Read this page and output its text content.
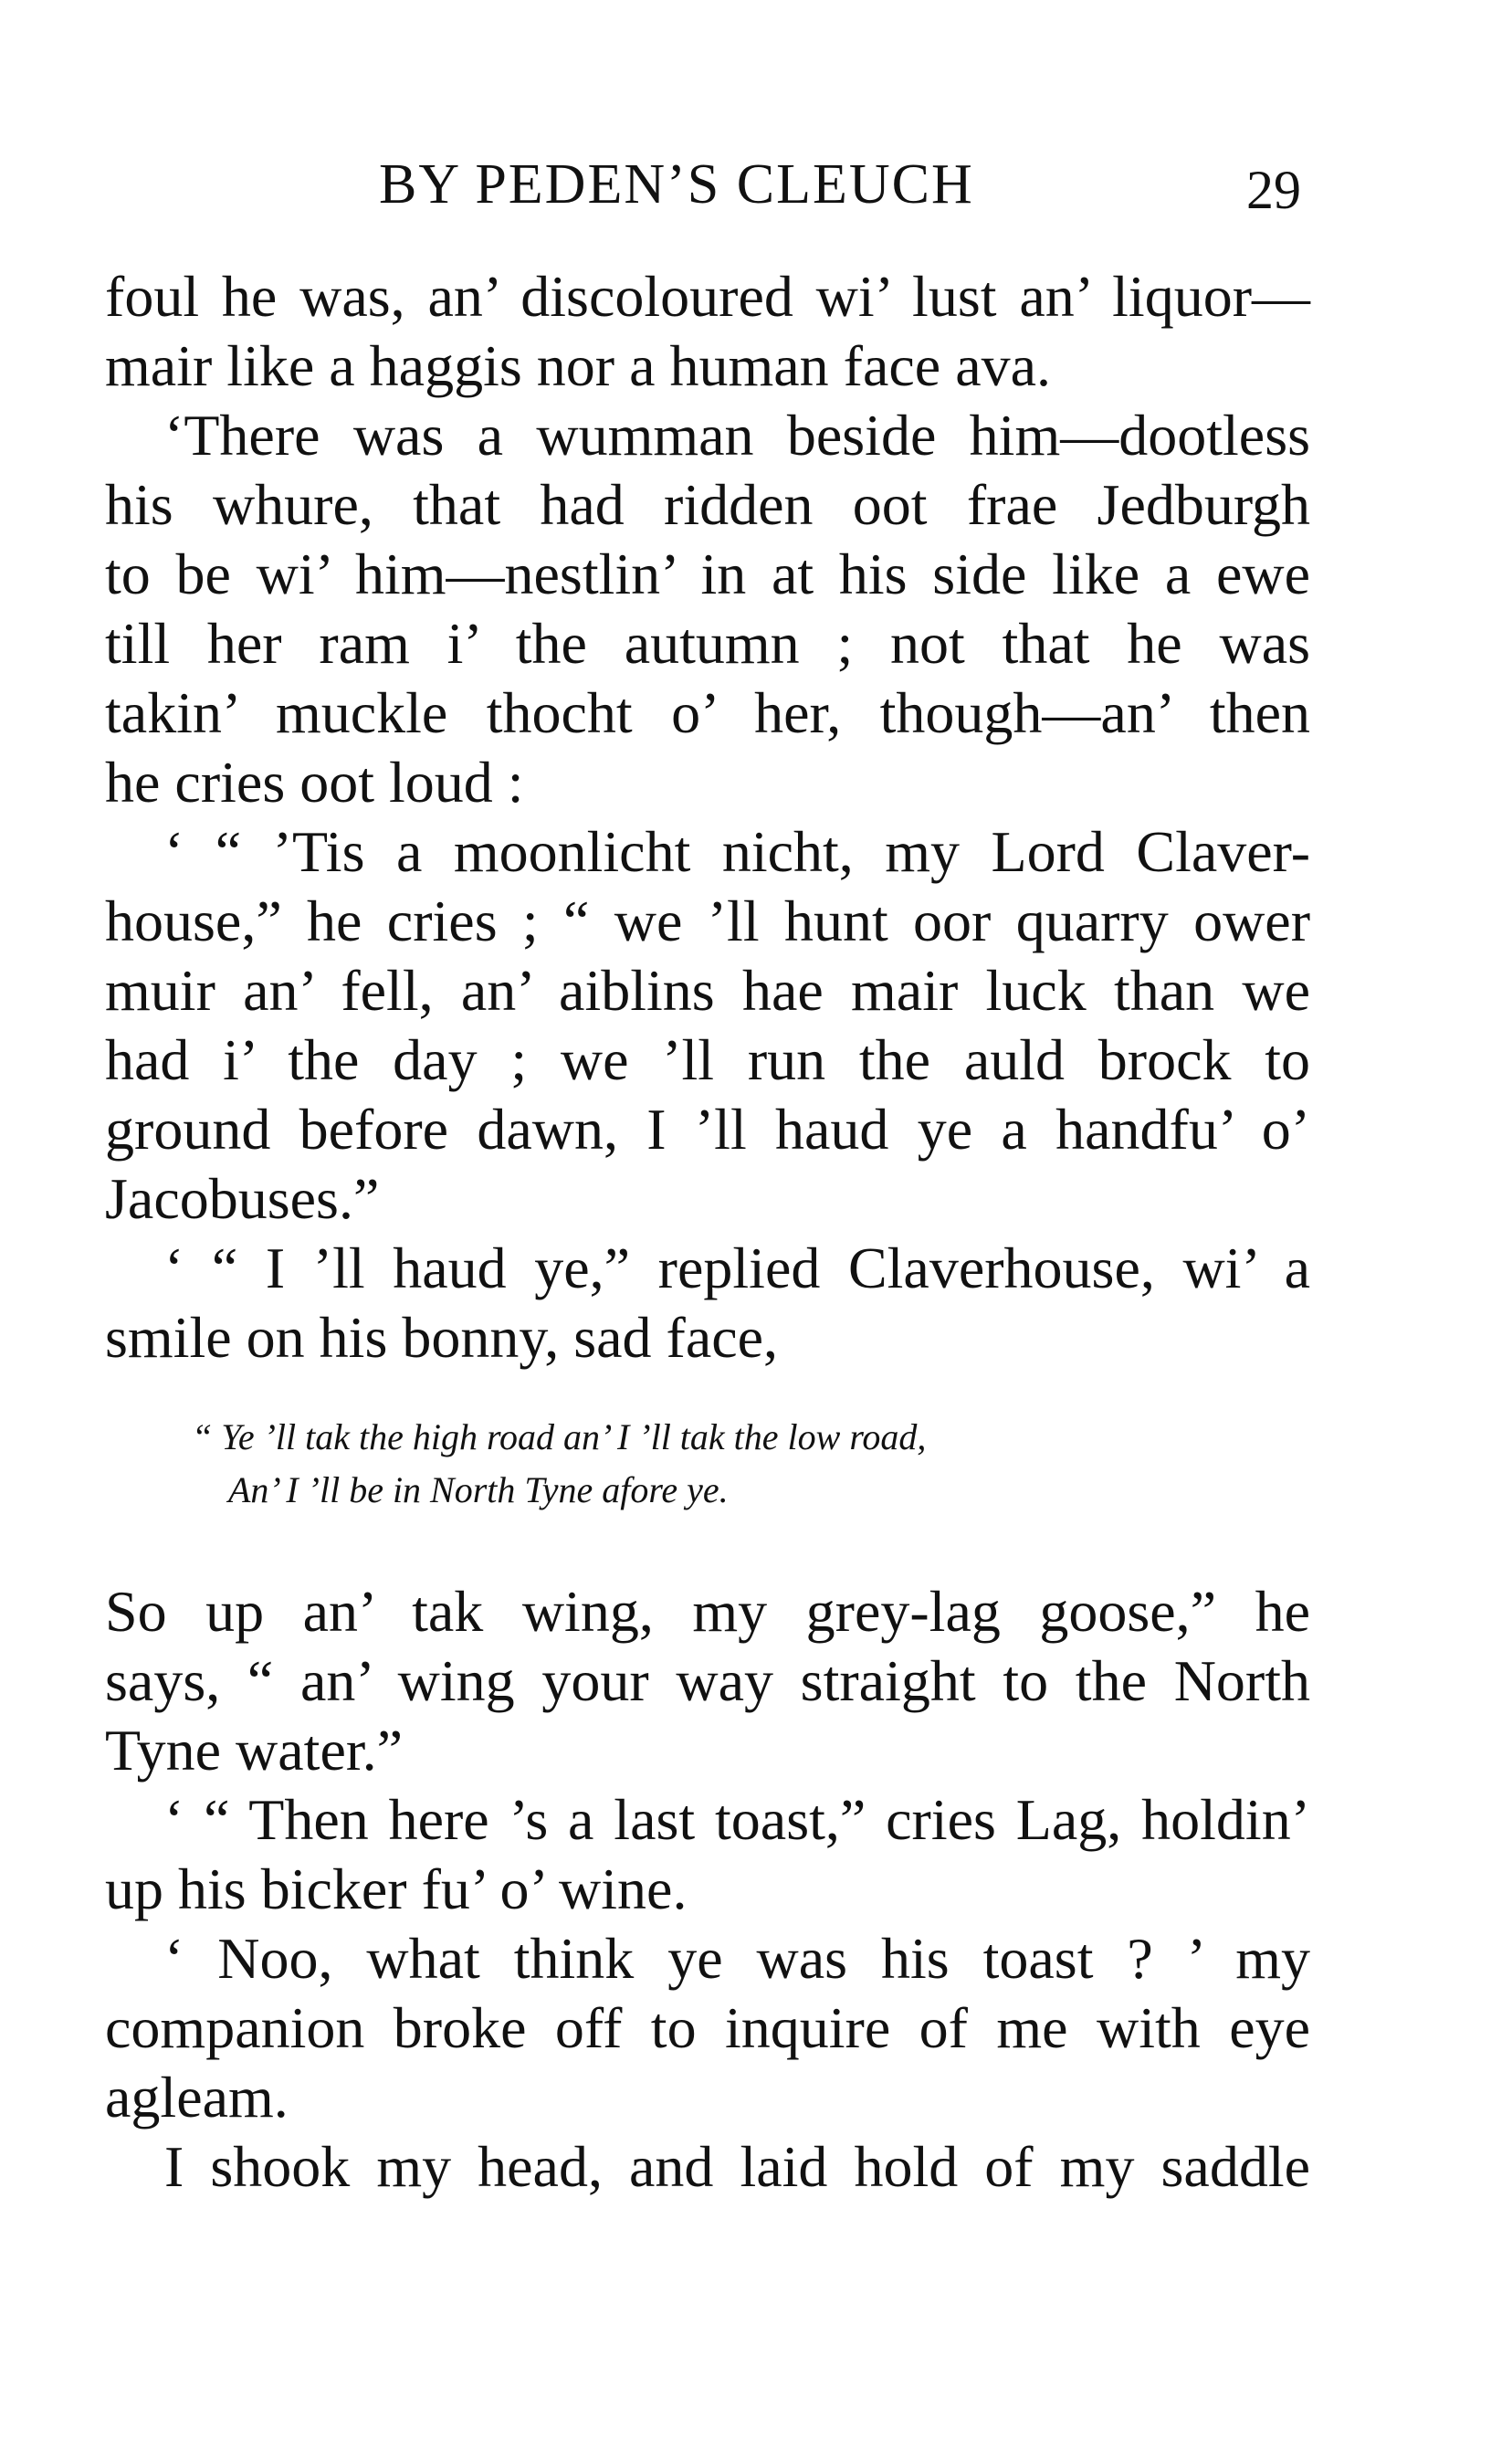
BY PEDEN’S CLEUCH	29
foul he was, an’ discoloured wi’ lust an’ liquor—
mair like a haggis nor a human face ava.
‘There was a wumman beside him—dootless
his whure, that had ridden oot frae Jedburgh
to be wi’ him—nestlin’ in at his side like a ewe
till her ram i’ the autumn ; not that he was
takin’ muckle thocht o’ her, though—an’ then
he cries oot loud :
‘ “ ’Tis a moonlicht nicht, my Lord Claver-
house,” he cries ; “ we ’ll hunt oor quarry ower
muir an’ fell, an’ aiblins hae mair luck than we
had i’ the day ; we ’ll run the auld brock to
ground before dawn, I ’ll haud ye a handfu’ o’
Jacobuses.”
‘ “ I ’ll haud ye,” replied Claverhouse, wi’ a
smile on his bonny, sad face,
“ Ye ’ll tak the high road an’ I ’ll tak the low road,
An’ I ’ll be in North Tyne afore ye.
So up an’ tak wing, my grey-lag goose,” he
says, “ an’ wing your way straight to the North
Tyne water.”
‘ “ Then here ’s a last toast,” cries Lag, holdin’
up his bicker fu’ o’ wine.
‘ Noo, what think ye was his toast ? ’ my
companion broke off to inquire of me with eye
agleam.
I shook my head, and laid hold of my saddle
